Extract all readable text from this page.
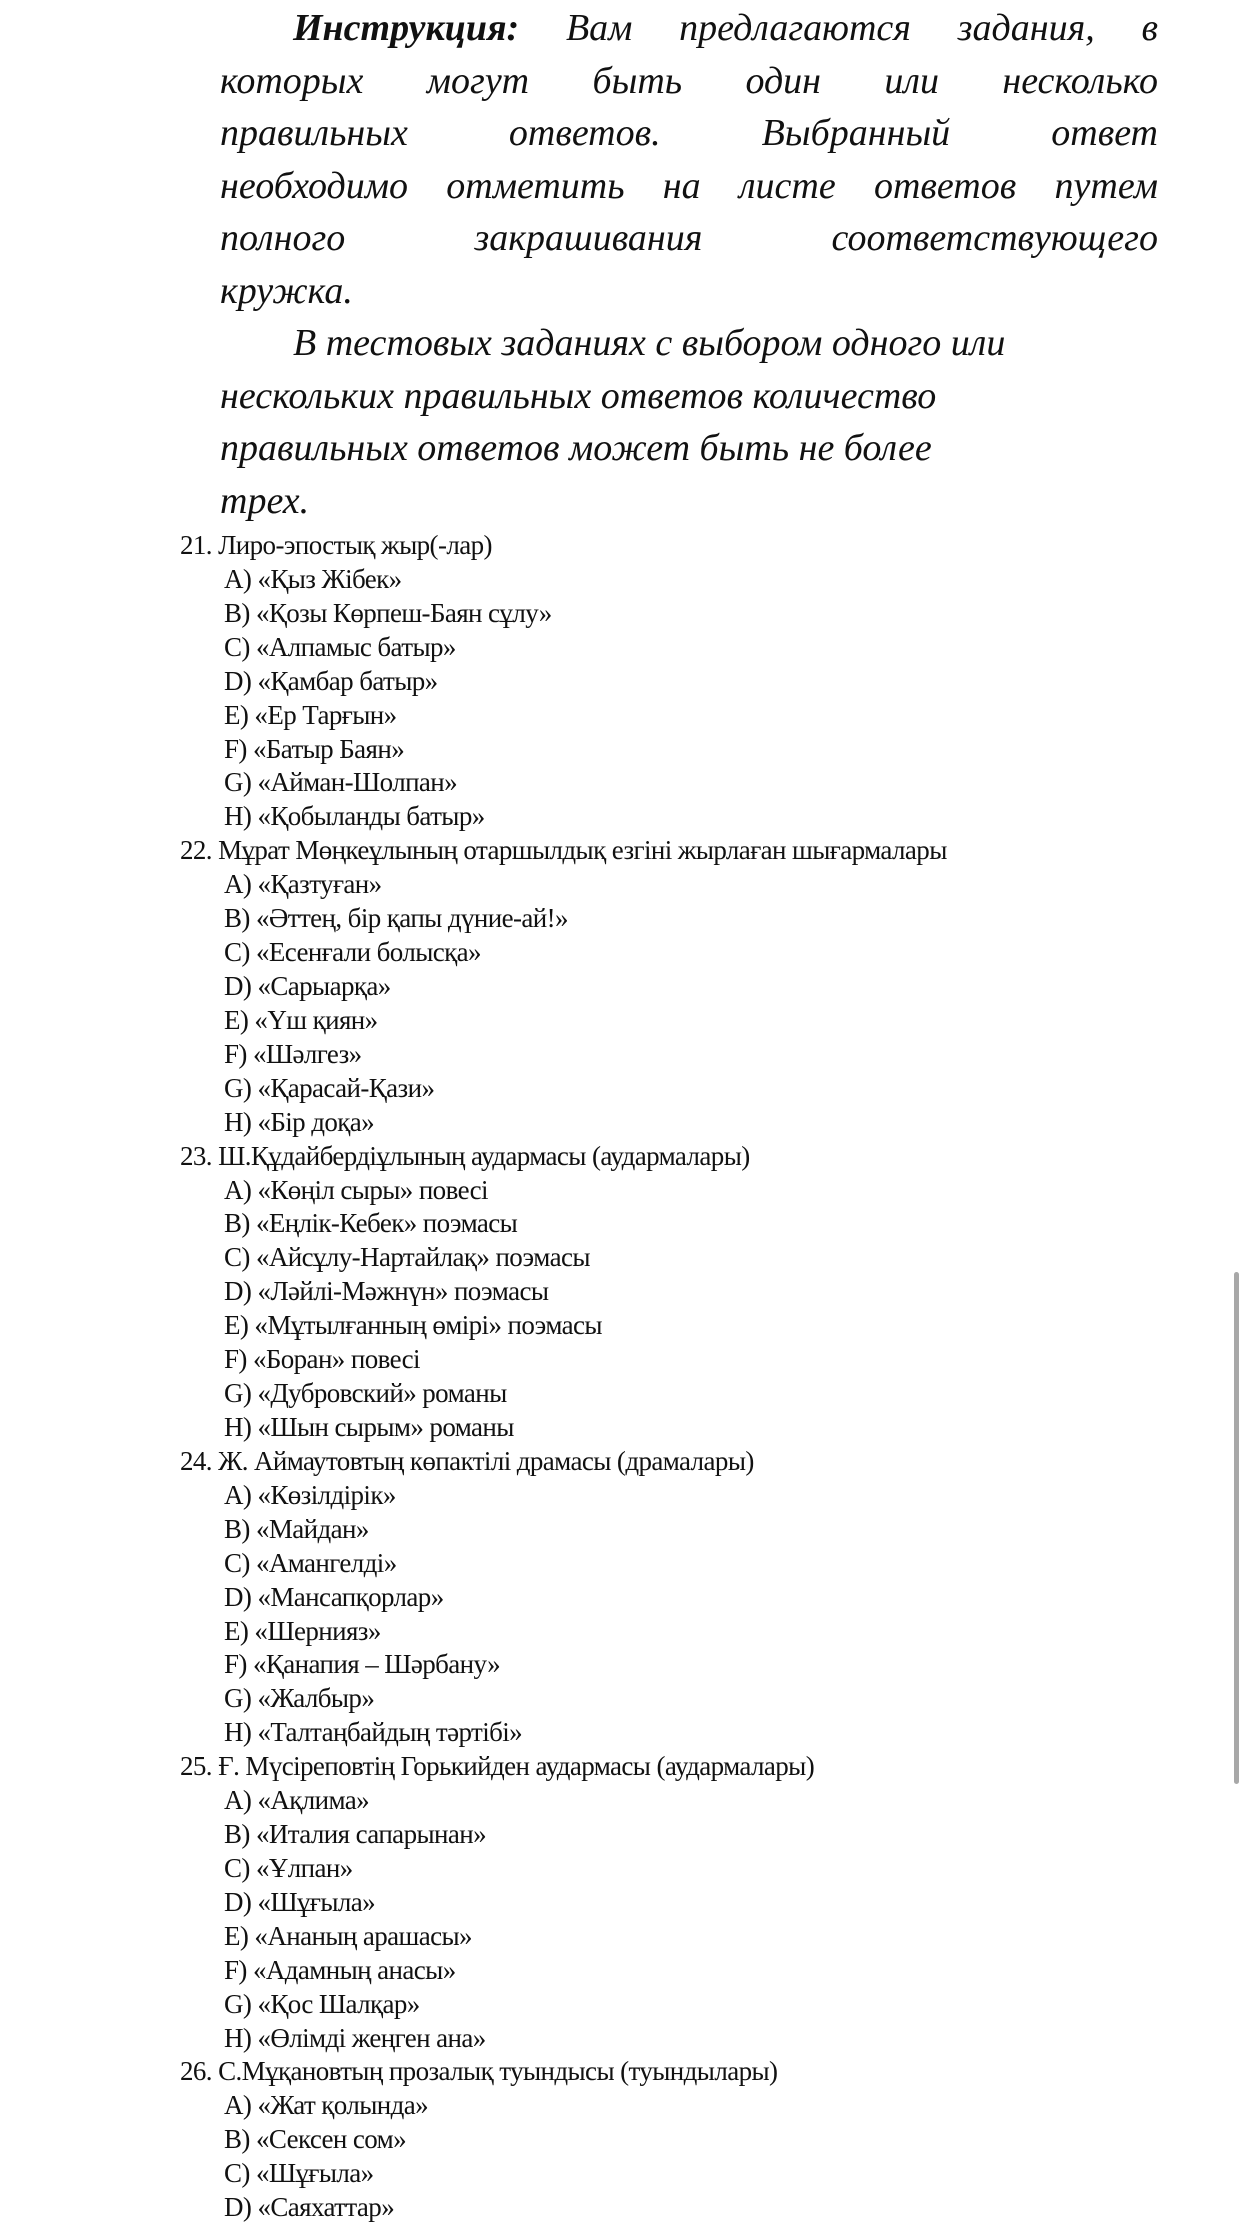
Инструкция: Вам предлагаются задания, в
которых могут быть один или несколько
правильных ответов. Выбранный ответ
необходимо отметить на листе ответов путем
полного закрашивания соответствующего
кружка.
В тестовых заданиях с выбором одного или
нескольких правильных ответов количество
правильных ответов может быть не более
трех.
21. Лиро-эпостық жыр(-лар)
A) «Қыз Жібек»
B) «Қозы Көрпеш-Баян сұлу»
C) «Алпамыс батыр»
D) «Қамбар батыр»
E) «Ер Тарғын»
F) «Батыр Баян»
G) «Айман-Шолпан»
H) «Қобыланды батыр»
22. Мұрат Мөңкеұлының отаршылдық езгіні жырлаған шығармалары
A) «Қазтуған»
B) «Әттең, бір қапы дүние-ай!»
C) «Есенғали болысқа»
D) «Сарыарқа»
E) «Үш қиян»
F) «Шәлгез»
G) «Қарасай-Қази»
H) «Бір доқа»
23. Ш.Құдайбердіұлының аудармасы (аудармалары)
A) «Көңіл сыры» повесі
B) «Еңлік-Кебек» поэмасы
C) «Айсұлу-Нартайлақ» поэмасы
D) «Ләйлі-Мәжнүн» поэмасы
E) «Мұтылғанның өмірі» поэмасы
F) «Боран» повесі
G) «Дубровский» романы
H) «Шын сырым» романы
24. Ж. Аймаутовтың көпактілі драмасы (драмалары)
A) «Көзілдірік»
B) «Майдан»
C) «Амангелді»
D) «Мансапқорлар»
E) «Шернияз»
F) «Қанапия – Шәрбану»
G) «Жалбыр»
H) «Талтаңбайдың тәртібі»
25. Ғ. Мүсіреповтің Горькийден аудармасы (аудармалары)
A) «Ақлима»
B) «Италия сапарынан»
C) «Ұлпан»
D) «Шұғыла»
E) «Ананың арашасы»
F) «Адамның анасы»
G) «Қос Шалқар»
H) «Өлімді жеңген ана»
26. С.Мұқановтың прозалық туындысы (туындылары)
A) «Жат қолында»
B) «Сексен сом»
C) «Шұғыла»
D) «Саяхаттар»
